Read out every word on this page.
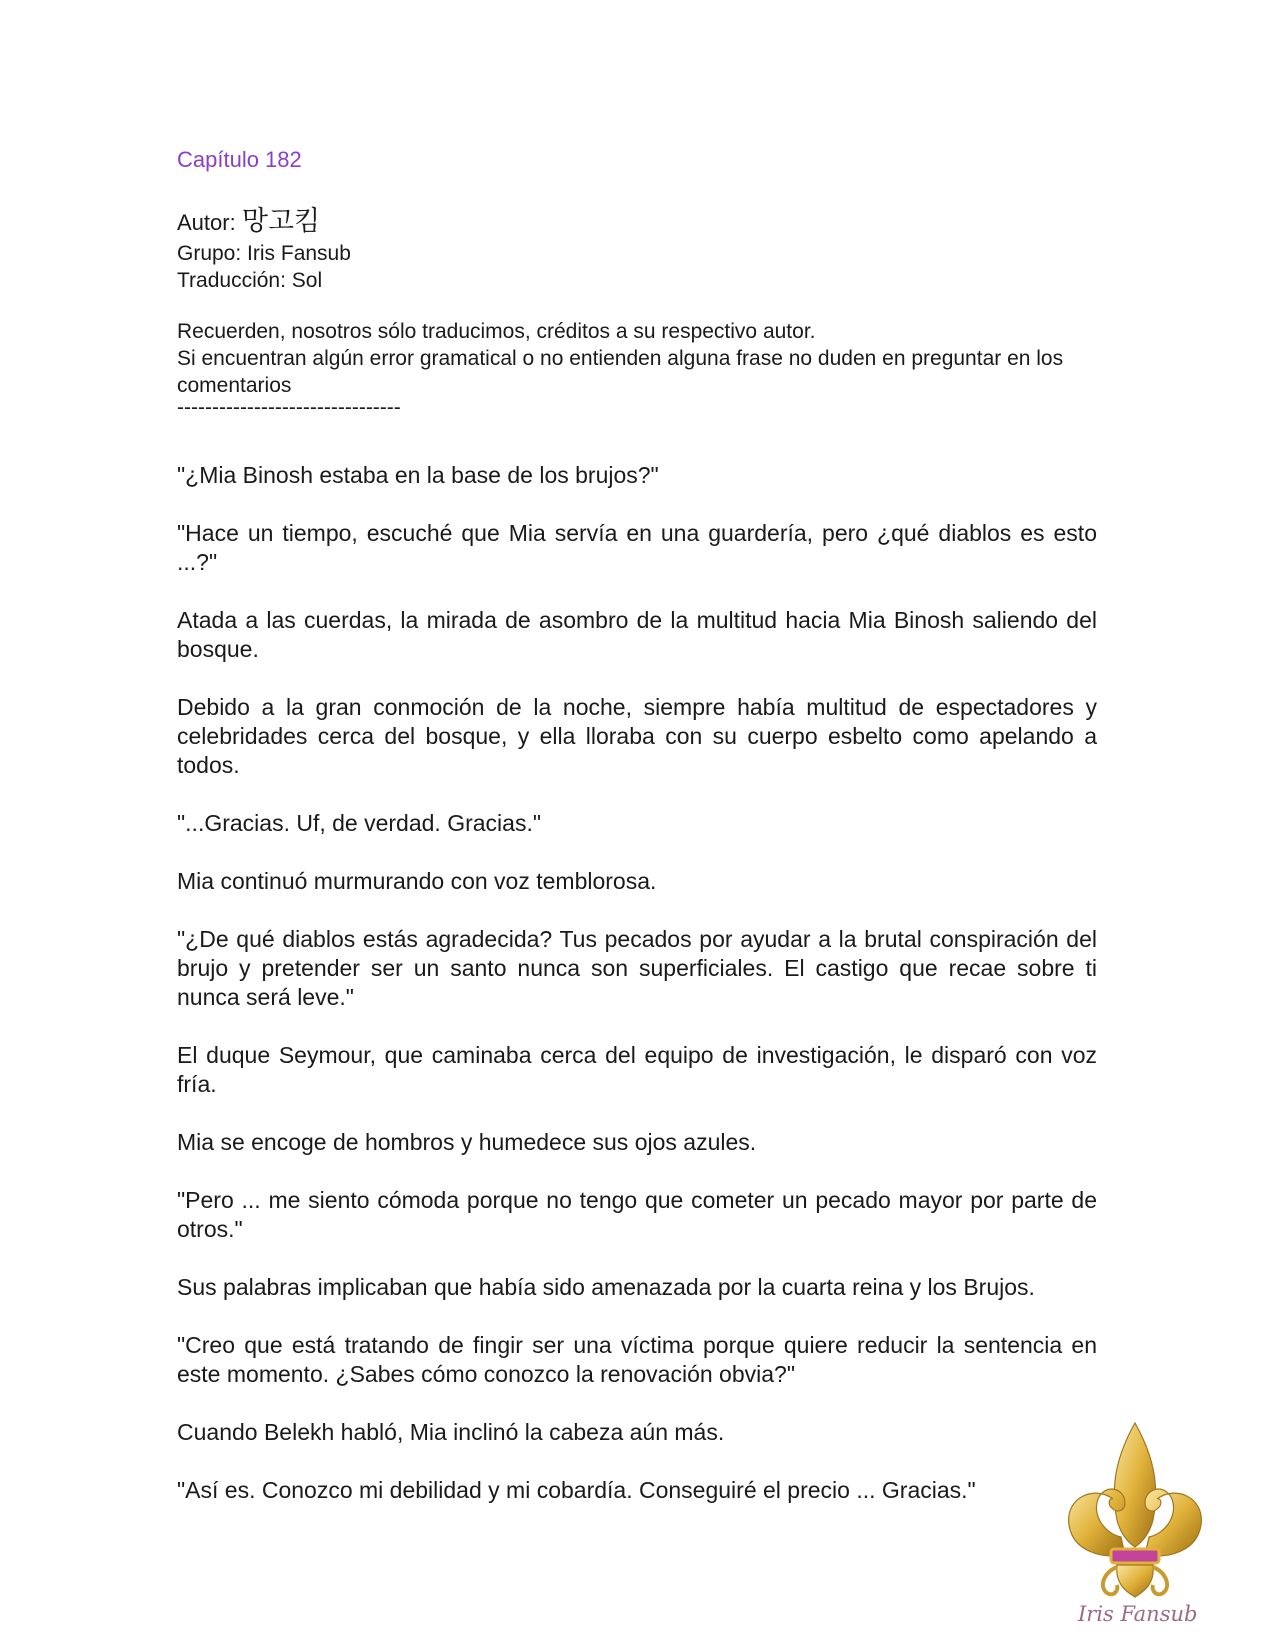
Capítulo 182

Autor: 망고킴
Grupo: Iris Fansub
Traducción: Sol
Recuerden, nosotros sólo traducimos, créditos a su respectivo autor.
Si encuentran algún error gramatical o no entienden alguna frase no duden en preguntar en los comentarios
--------------------------------

"¿Mia Binosh estaba en la base de los brujos?"

"Hace un tiempo, escuché que Mia servía en una guardería, pero ¿qué diablos es esto ...?"

Atada a las cuerdas, la mirada de asombro de la multitud hacia Mia Binosh saliendo del bosque.

Debido a la gran conmoción de la noche, siempre había multitud de espectadores y celebridades cerca del bosque, y ella lloraba con su cuerpo esbelto como apelando a todos.

"...Gracias. Uf, de verdad. Gracias."

Mia continuó murmurando con voz temblorosa.

"¿De qué diablos estás agradecida? Tus pecados por ayudar a la brutal conspiración del brujo y pretender ser un santo nunca son superficiales. El castigo que recae sobre ti nunca será leve."

El duque Seymour, que caminaba cerca del equipo de investigación, le disparó con voz fría.

Mia se encoge de hombros y humedece sus ojos azules.

"Pero ... me siento cómoda porque no tengo que cometer un pecado mayor por parte de otros."

Sus palabras implicaban que había sido amenazada por la cuarta reina y los Brujos.

"Creo que está tratando de fingir ser una víctima porque quiere reducir la sentencia en este momento. ¿Sabes cómo conozco la renovación obvia?"

Cuando Belekh habló, Mia inclinó la cabeza aún más.

"Así es. Conozco mi debilidad y mi cobardía. Conseguiré el precio ... Gracias."

Iris Fansub
